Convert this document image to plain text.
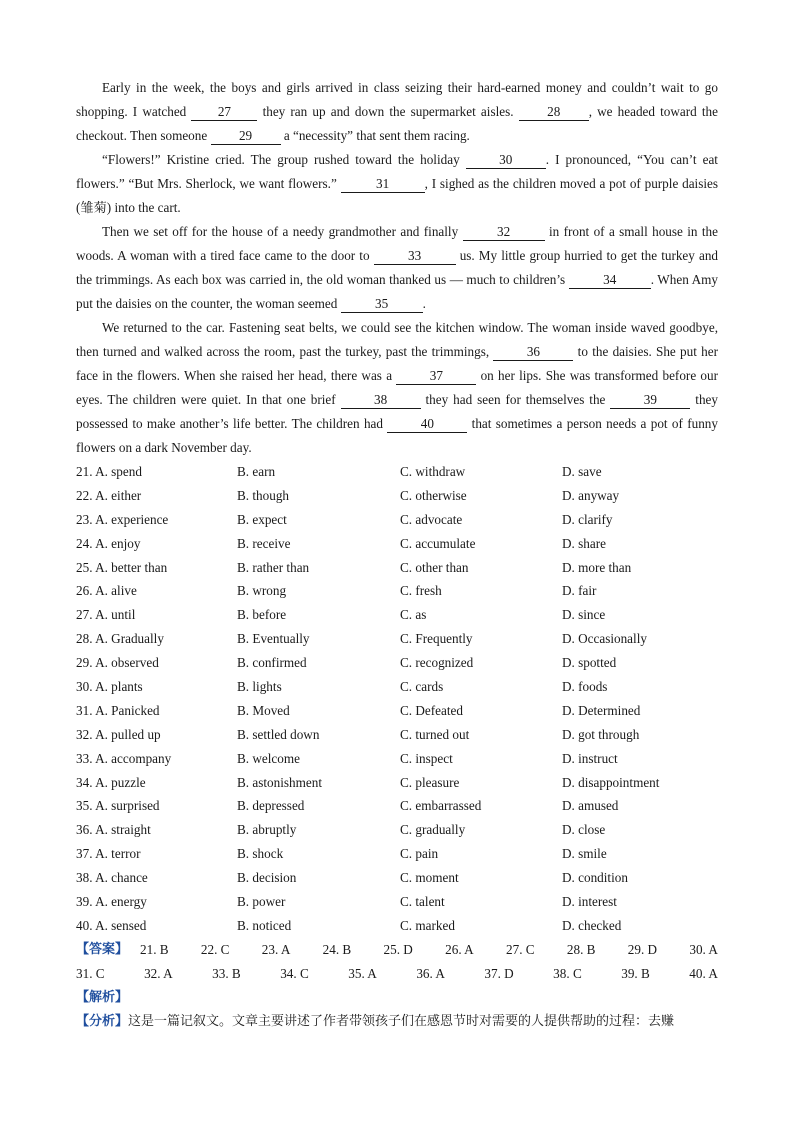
Early in the week, the boys and girls arrived in class seizing their hard-earned money and couldn’t wait to go shopping. I watched 27 they ran up and down the supermarket aisles. 28 , we headed toward the checkout. Then someone 29 a “necessity” that sent them racing.

“Flowers!” Kristine cried. The group rushed toward the holiday	30	. I pronounced, “You can’t eat flowers.” “But Mrs. Sherlock, we want flowers.”	31	, I sighed as the children moved a pot of purple daisies (雏菊) into the cart.

Then we set off for the house of a needy grandmother and finally	32	in front of a small house in the woods. A woman with a tired face came to the door to	33	us. My little group hurried to get the turkey and the trimmings. As each box was carried in, the old woman thanked us — much to children’s	34	. When Amy put the daisies on the counter, the woman seemed	35	.

We returned to the car. Fastening seat belts, we could see the kitchen window. The woman inside waved goodbye, then turned and walked across the room, past the turkey, past the trimmings,	36	to the daisies. She put her face in the flowers. When she raised her head, there was a	37	on her lips. She was transformed before our eyes. The children were quiet. In that one brief	38	they had seen for themselves the	39	they possessed to make another’s life better. The children had	40	that sometimes a person needs a pot of funny flowers on a dark November day.

21. A. spend	B. earn	C. withdraw	D. save
22. A. either	B. though	C. otherwise	D. anyway
23. A. experience	B. expect	C. advocate	D. clarify
24. A. enjoy	B. receive	C. accumulate	D. share
25. A. better than	B. rather than	C. other than	D. more than
26. A. alive	B. wrong	C. fresh	D. fair
27. A. until	B. before	C. as	D. since
28. A. Gradually	B. Eventually	C. Frequently	D. Occasionally
29. A. observed	B. confirmed	C. recognized	D. spotted
30. A. plants	B. lights	C. cards	D. foods
31. A. Panicked	B. Moved	C. Defeated	D. Determined
32. A. pulled up	B. settled down	C. turned out	D. got through
33. A. accompany	B. welcome	C. inspect	D. instruct
34. A. puzzle	B. astonishment	C. pleasure	D. disappointment
35. A. surprised	B. depressed	C. embarrassed	D. amused
36. A. straight	B. abruptly	C. gradually	D. close
37. A. terror	B. shock	C. pain	D. smile
38. A. chance	B. decision	C. moment	D. condition
39. A. energy	B. power	C. talent	D. interest
40. A. sensed	B. noticed	C. marked	D. checked
【答案】 21. B 22. C 23. A 24. B 25. D 26. A 27. C 28. B 29. D 30. A
31. C	32. A	33. B	34. C	35. A	36. A	37. D	38. C	39. B	40. A
【解析】
【分析】这是一篇记叙文。文章主要讲述了作者带领孩子们在感恩节时对需要的人提供帮助的过程：去赚
